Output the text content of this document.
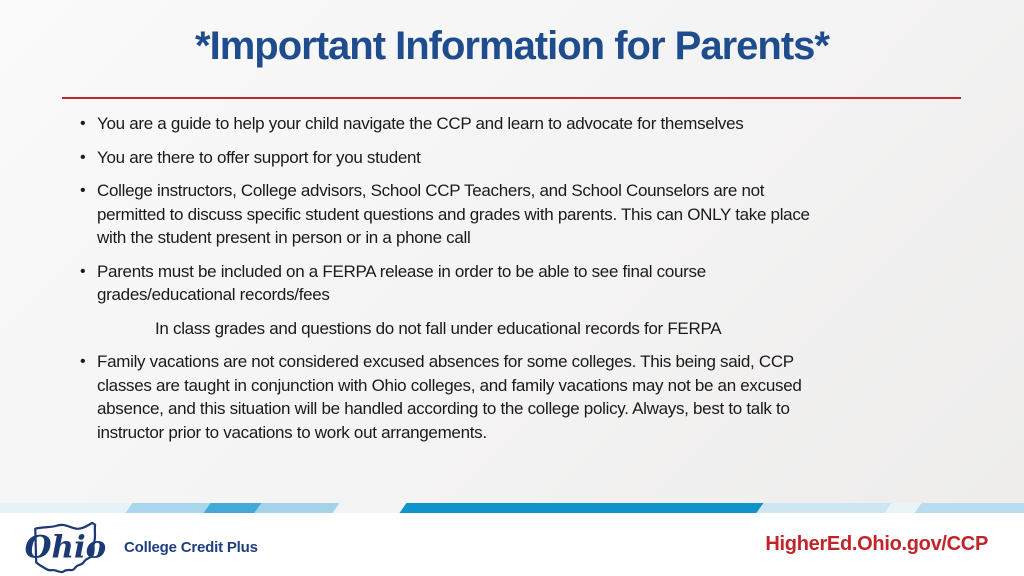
*Important Information for Parents*
• You are a guide to help your child navigate the CCP and learn to advocate for themselves
• You are there to offer support for you student
• College instructors, College advisors, School CCP Teachers, and School Counselors are not permitted to discuss specific student questions and grades with parents. This can ONLY take place with the student present in person or in a phone call
• Parents must be included on a FERPA release in order to be able to see final course grades/educational records/fees
In class grades and questions do not fall under educational records for FERPA
• Family vacations are not considered excused absences for some colleges. This being said, CCP classes are taught in conjunction with Ohio colleges, and family vacations may not be an excused absence, and this situation will be handled according to the college policy. Always, best to talk to instructor prior to vacations to work out arrangements.
Ohio College Credit Plus	HigherEd.Ohio.gov/CCP
